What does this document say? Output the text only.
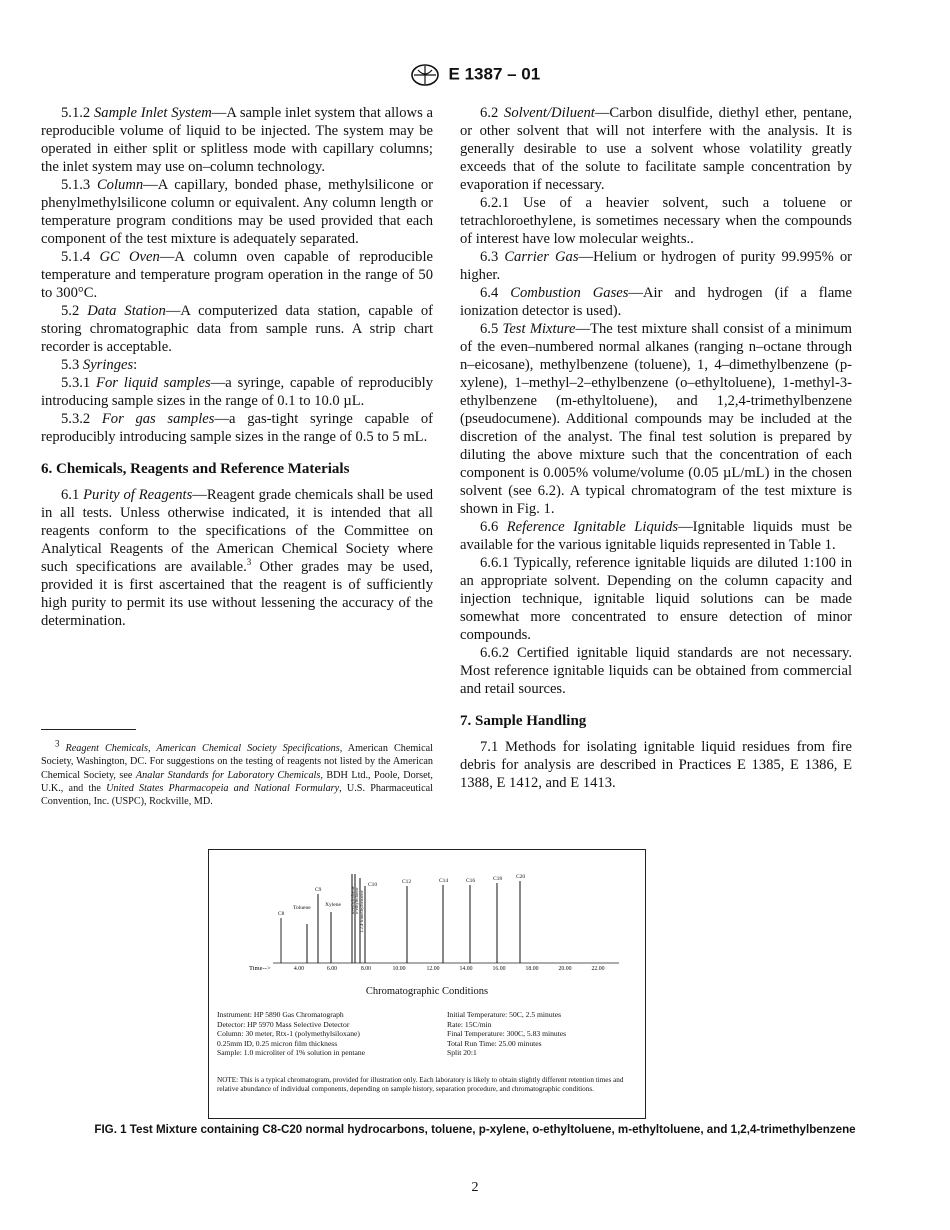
E 1387 – 01

5.1.2 Sample Inlet System—A sample inlet system that allows a reproducible volume of liquid to be injected. The system may be operated in either split or splitless mode with capillary columns; the inlet system may use on–column technology.

5.1.3 Column—A capillary, bonded phase, methylsilicone or phenylmethylsilicone column or equivalent. Any column length or temperature program conditions may be used provided that each component of the test mixture is adequately separated.

5.1.4 GC Oven—A column oven capable of reproducible temperature and temperature program operation in the range of 50 to 300°C.

5.2 Data Station—A computerized data station, capable of storing chromatographic data from sample runs. A strip chart recorder is acceptable.

5.3 Syringes:

5.3.1 For liquid samples—a syringe, capable of reproducibly introducing sample sizes in the range of 0.1 to 10.0 µL.

5.3.2 For gas samples—a gas-tight syringe capable of reproducibly introducing sample sizes in the range of 0.5 to 5 mL.

6. Chemicals, Reagents and Reference Materials

6.1 Purity of Reagents—Reagent grade chemicals shall be used in all tests. Unless otherwise indicated, it is intended that all reagents conform to the specifications of the Committee on Analytical Reagents of the American Chemical Society where such specifications are available.$^3$ Other grades may be used, provided it is first ascertained that the reagent is of sufficiently high purity to permit its use without lessening the accuracy of the determination.

$^3$ Reagent Chemicals, American Chemical Society Specifications, American Chemical Society, Washington, DC. For suggestions on the testing of reagents not listed by the American Chemical Society, see Analar Standards for Laboratory Chemicals, BDH Ltd., Poole, Dorset, U.K., and the United States Pharmacopeia and National Formulary, U.S. Pharmaceutical Convention, Inc. (USPC), Rockville, MD.

6.2 Solvent/Diluent—Carbon disulfide, diethyl ether, pentane, or other solvent that will not interfere with the analysis. It is generally desirable to use a solvent whose volatility greatly exceeds that of the solute to facilitate sample concentration by evaporation if necessary.

6.2.1 Use of a heavier solvent, such a toluene or tetrachloroethylene, is sometimes necessary when the compounds of interest have low molecular weights..

6.3 Carrier Gas—Helium or hydrogen of purity 99.995% or higher.

6.4 Combustion Gases—Air and hydrogen (if a flame ionization detector is used).

6.5 Test Mixture—The test mixture shall consist of a minimum of the even–numbered normal alkanes (ranging n–octane through n–eicosane), methylbenzene (toluene), 1, 4–dimethylbenzene (p-xylene), 1–methyl–2–ethylbenzene (o–ethyltoluene), 1-methyl-3-ethylbenzene (m-ethyltoluene), and 1,2,4-trimethylbenzene (pseudocumene). Additional compounds may be included at the discretion of the analyst. The final test solution is prepared by diluting the above mixture such that the concentration of each component is 0.005% volume/volume (0.05 µL/mL) in the chosen solvent (see 6.2). A typical chromatogram of the test mixture is shown in Fig. 1.

6.6 Reference Ignitable Liquids—Ignitable liquids must be available for the various ignitable liquids represented in Table 1.

6.6.1 Typically, reference ignitable liquids are diluted 1:100 in an appropriate solvent. Depending on the column capacity and injection technique, ignitable liquid solutions can be made somewhat more concentrated to ensure detection of minor compounds.

6.6.2 Certified ignitable liquid standards are not necessary. Most reference ignitable liquids can be obtained from commercial and retail sources.

7. Sample Handling

7.1 Methods for isolating ignitable liquid residues from fire debris for analysis are described in Practices E 1385, E 1386, E 1388, E 1412, and E 1413.

Time-->
C8
Toluene
C9
Xylene m-ethyltoluene o-ethyltoluene 1,2,4-trimethylbenzene
C10	C12	C14	C16	C18	C20
4.00	6.00	8.00	10.00	12.00	14.00	16.00	18.00	20.00	22.00
Chromatographic Conditions
Instrument: HP 5890 Gas Chromatograph
Detector: HP 5970 Mass Selective Detector
Column: 30 meter, Rtx-1 (polymethylsiloxane)
0.25mm ID, 0.25 micron film thickness
Sample: 1.0 microliter of 1% solution in pentane
Initial Temperature: 50C, 2.5 minutes
Rate: 15C/min
Final Temperature: 300C, 5.83 minutes
Total Run Time: 25.00 minutes
Split 20:1
NOTE: This is a typical chromatogram, provided for illustration only. Each laboratory is likely to obtain slightly different retention times and relative abundance of individual components, depending on sample history, separation procedure, and chromatographic conditions.
FIG. 1 Test Mixture containing C8-C20 normal hydrocarbons, toluene, p-xylene, o-ethyltoluene, m-ethyltoluene, and 1,2,4-trimethylbenzene
2
